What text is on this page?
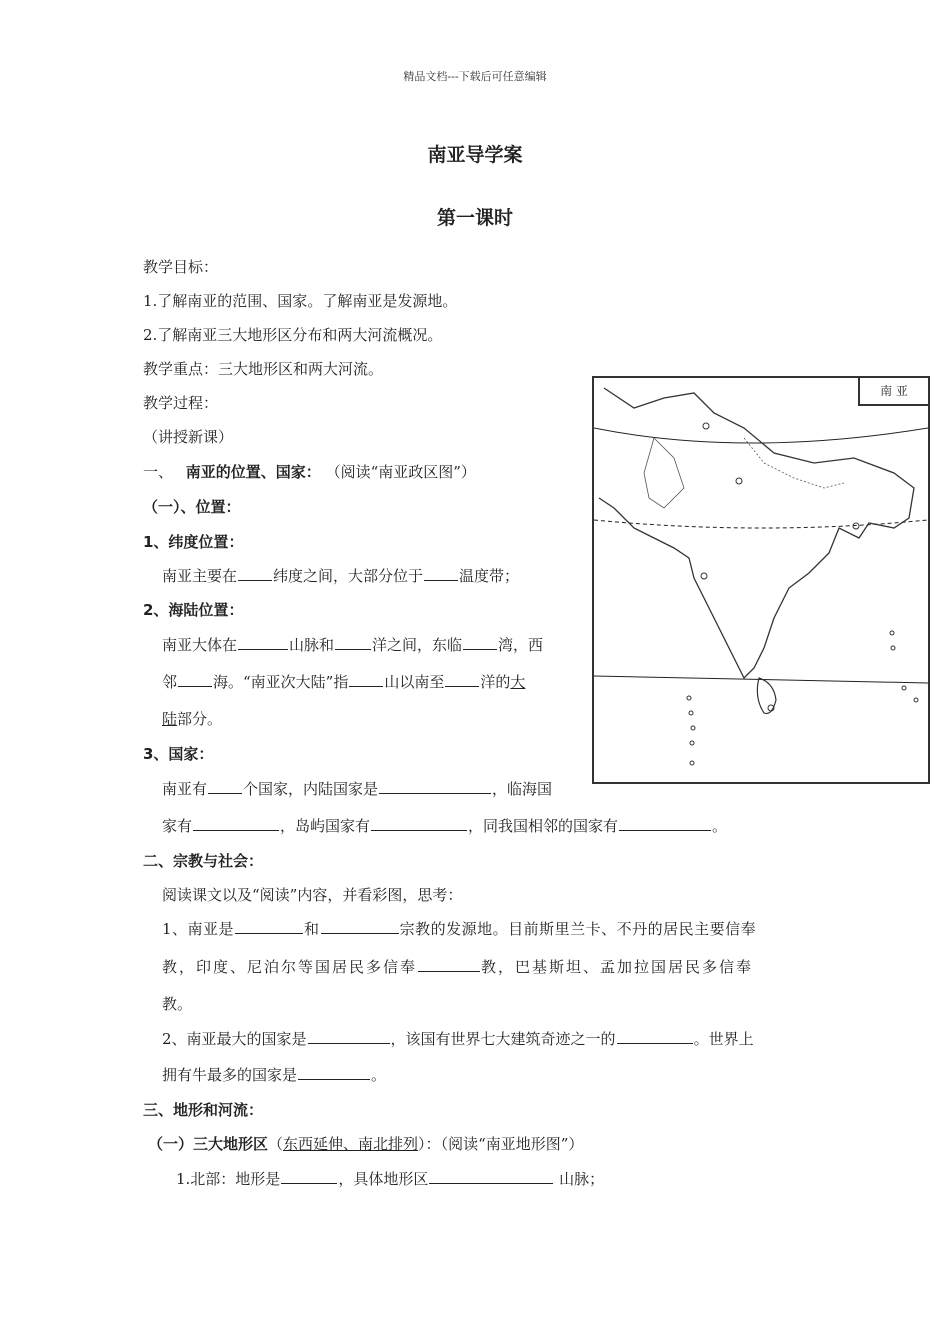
精品文档---下载后可任意编辑
南亚导学案
第一课时
教学目标：
1.了解南亚的范围、国家。了解南亚是发源地。
2.了解南亚三大地形区分布和两大河流概况。
教学重点：三大地形区和两大河流。
教学过程：
（讲授新课）
一、 南亚的位置、国家： （阅读“南亚政区图”）
（一）、位置：
1、纬度位置：
南亚主要在 纬度之间，大部分位于 温度带；
2、海陆位置：
南亚大体在	山脉和	洋之间，东临 湾，西
邻 海。“南亚次大陆”指 山以南至 洋的大
陆部分。
3、国家：
南亚有 个国家，内陆国家是	，临海国
家有	，岛屿国家有	，同我国相邻的国家有	。
二、宗教与社会：
阅读课文以及“阅读”内容，并看彩图，思考：
1、南亚是	和	宗教的发源地。目前斯里兰卡、不丹的居民主要信奉
教，印度、尼泊尔等国居民多信奉	教，巴基斯坦、孟加拉国居民多信奉
教。
2、南亚最大的国家是	，该国有世界七大建筑奇迹之一的	。世界上
拥有牛最多的国家是	。
三、地形和河流：
（一）三大地形区（东西延伸、南北排列）：（阅读“南亚地形图”）
1.北部：地形是	，具体地形区	山脉；
南 亚
